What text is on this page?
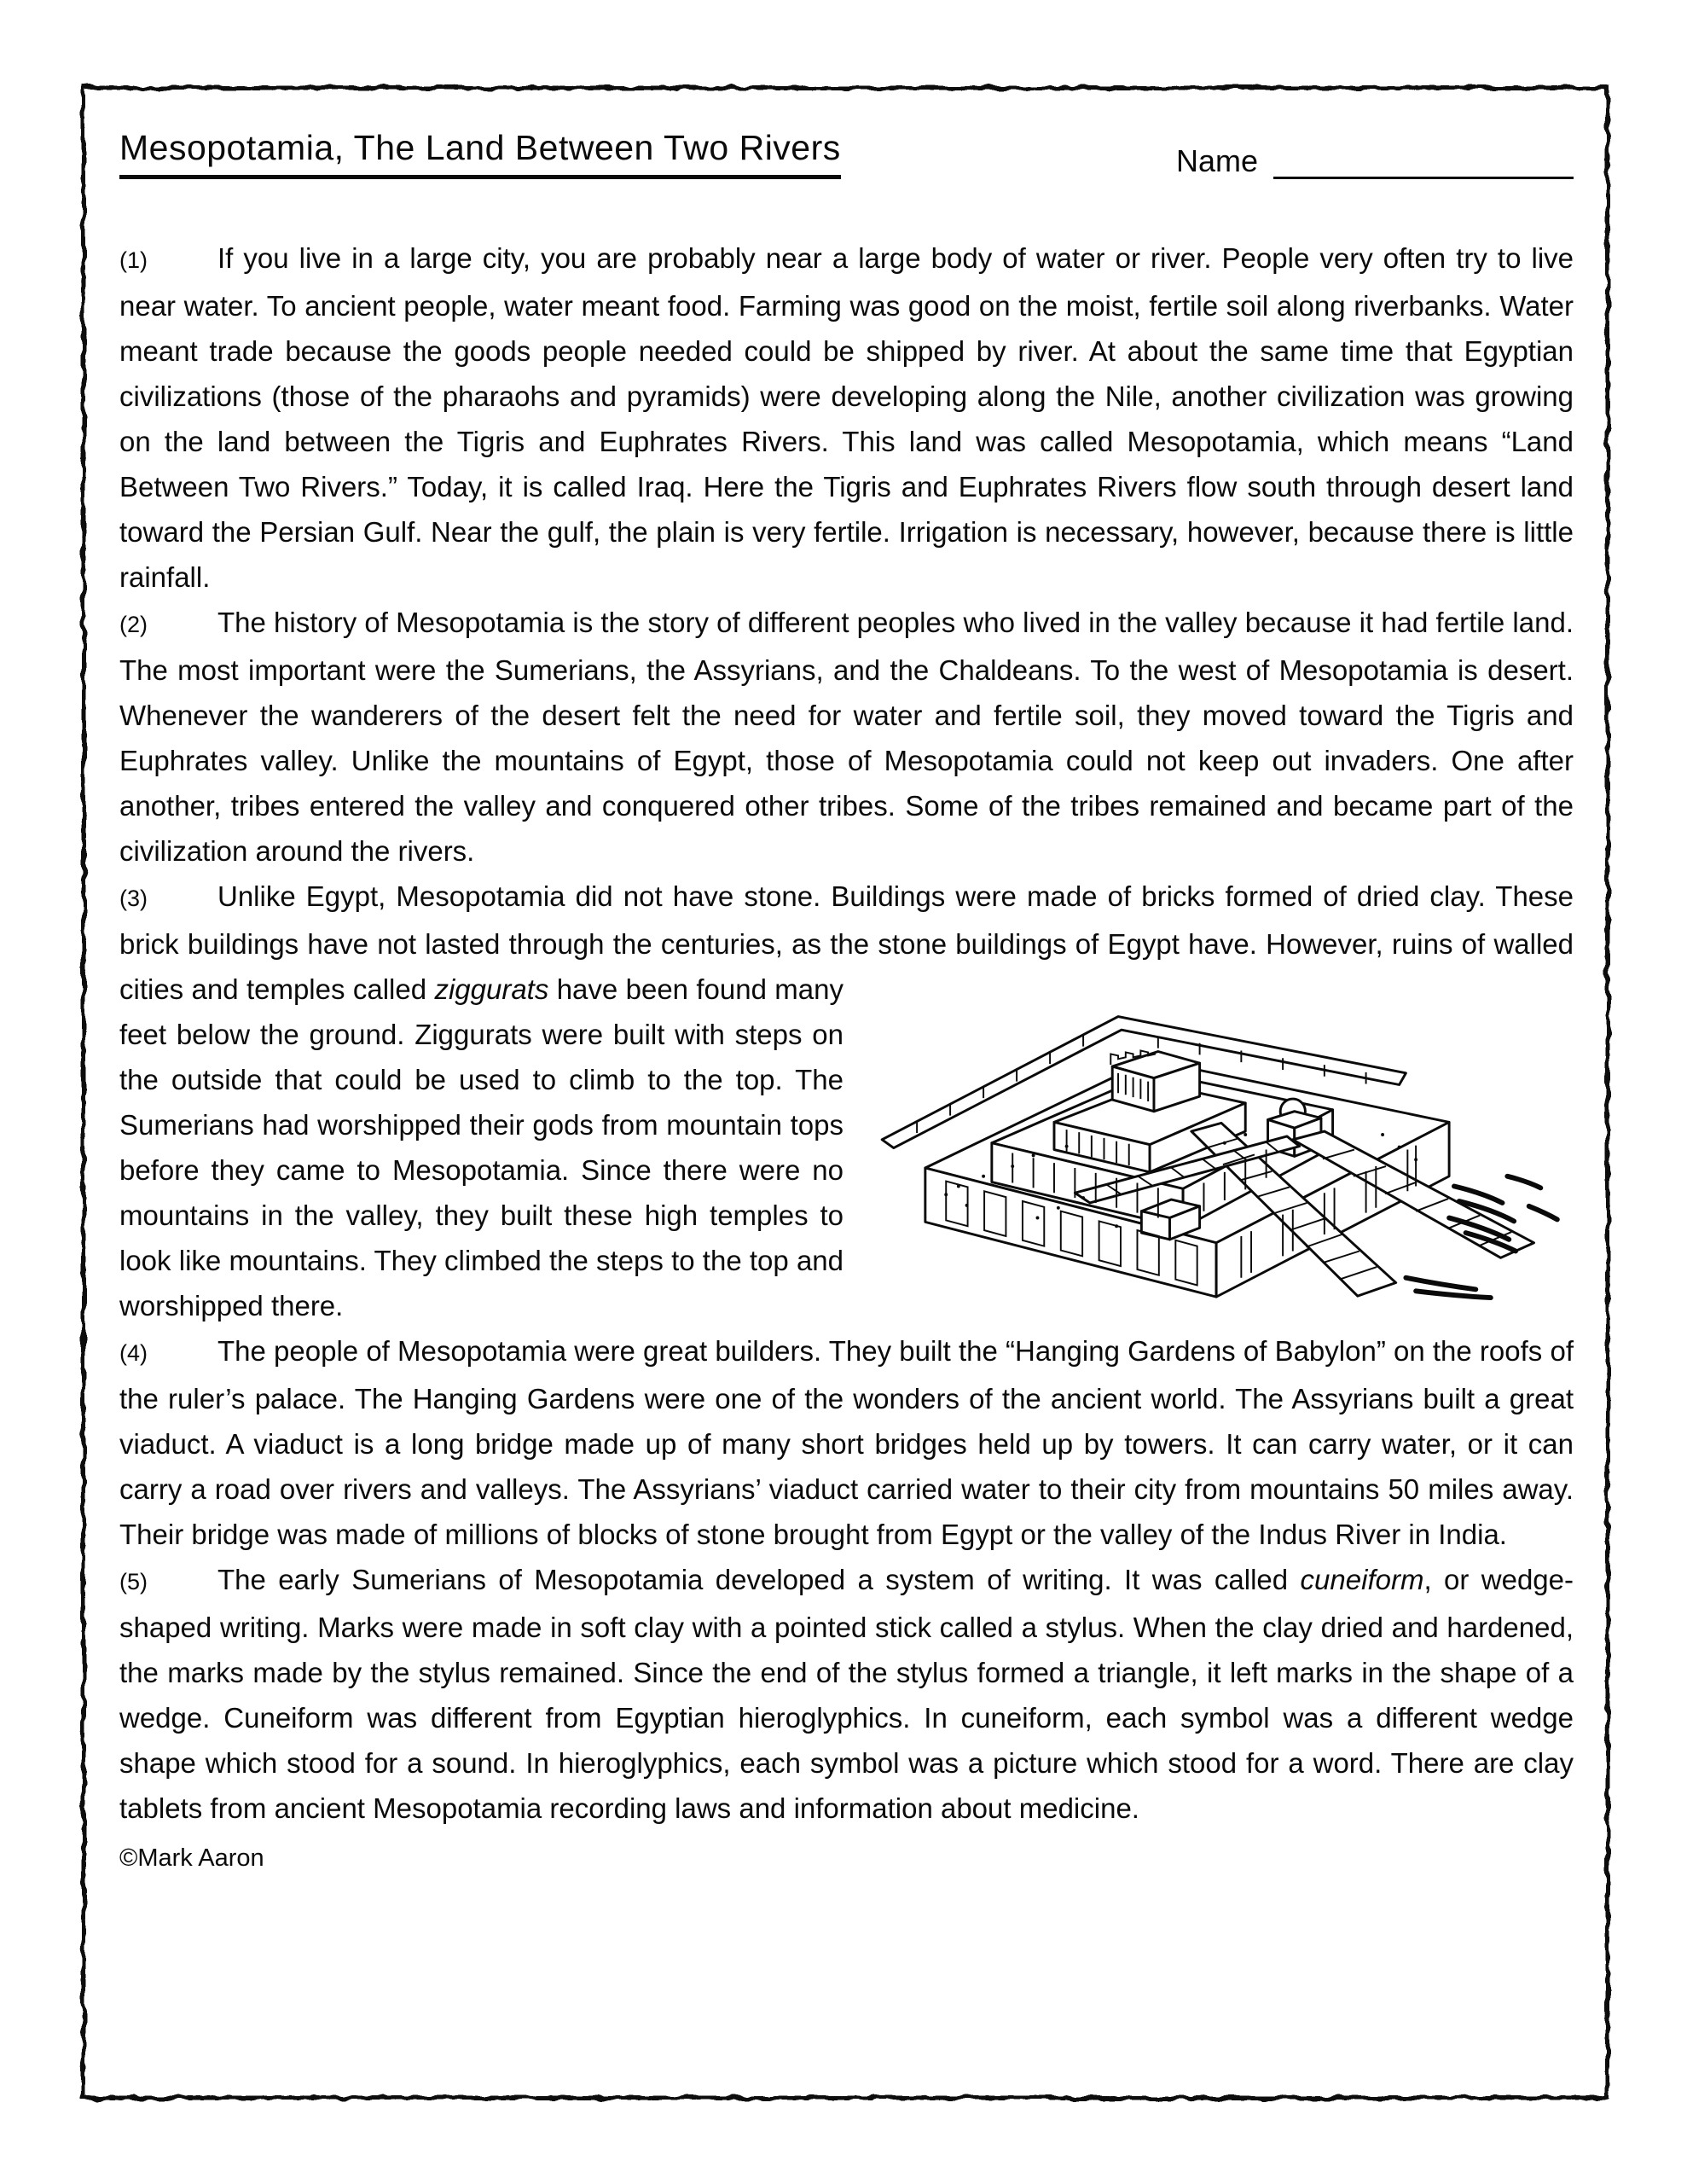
Mesopotamia, The Land Between Two Rivers	Name

(1) If you live in a large city, you are probably near a large body of water or river. People very often try to live near water. To ancient people, water meant food. Farming was good on the moist, fertile soil along riverbanks. Water meant trade because the goods people needed could be shipped by river. At about the same time that Egyptian civilizations (those of the pharaohs and pyramids) were developing along the Nile, another civilization was growing on the land between the Tigris and Euphrates Rivers. This land was called Mesopotamia, which means “Land Between Two Rivers.” Today, it is called Iraq. Here the Tigris and Euphrates Rivers flow south through desert land toward the Persian Gulf. Near the gulf, the plain is very fertile. Irrigation is necessary, however, because there is little rainfall.

(2) The history of Mesopotamia is the story of different peoples who lived in the valley because it had fertile land. The most important were the Sumerians, the Assyrians, and the Chaldeans. To the west of Mesopotamia is desert. Whenever the wanderers of the desert felt the need for water and fertile soil, they moved toward the Tigris and Euphrates valley. Unlike the mountains of Egypt, those of Mesopotamia could not keep out invaders. One after another, tribes entered the valley and conquered other tribes. Some of the tribes remained and became part of the civilization around the rivers.

(3) Unlike Egypt, Mesopotamia did not have stone. Buildings were made of bricks formed of dried clay. These brick buildings have not lasted through the centuries, as the stone buildings of Egypt have. However, ruins of walled cities and temples called ziggurats have been found many
feet below the ground. Ziggurats were built with steps on the outside that could be used to climb to the top. The Sumerians had worshipped their gods from mountain tops before they came to Mesopotamia. Since there were no mountains in the valley, they built these high temples to look like mountains. They climbed the steps to the top and worshipped there.

(4) The people of Mesopotamia were great builders. They built the “Hanging Gardens of Babylon” on the roofs of the ruler’s palace. The Hanging Gardens were one of the wonders of the ancient world. The Assyrians built a great viaduct. A viaduct is a long bridge made up of many short bridges held up by towers. It can carry water, or it can carry a road over rivers and valleys. The Assyrians’ viaduct carried water to their city from mountains 50 miles away. Their bridge was made of millions of blocks of stone brought from Egypt or the valley of the Indus River in India.

(5) The early Sumerians of Mesopotamia developed a system of writing. It was called cuneiform, or wedge-shaped writing. Marks were made in soft clay with a pointed stick called a stylus. When the clay dried and hardened, the marks made by the stylus remained. Since the end of the stylus formed a triangle, it left marks in the shape of a wedge. Cuneiform was different from Egyptian hieroglyphics. In cuneiform, each symbol was a different wedge shape which stood for a sound. In hieroglyphics, each symbol was a picture which stood for a word. There are clay tablets from ancient Mesopotamia recording laws and information about medicine.

©Mark Aaron
